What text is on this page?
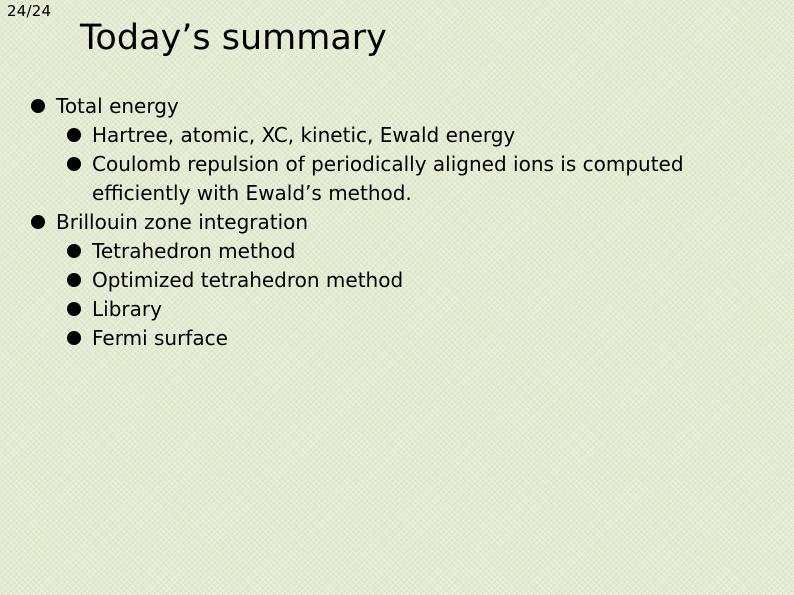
24/24
Today’s summary
Total energy
Hartree, atomic, XC, kinetic, Ewald energy
Coulomb repulsion of periodically aligned ions is computed
efficiently with Ewald’s method.
Brillouin zone integration
Tetrahedron method
Optimized tetrahedron method
Library
Fermi surface
